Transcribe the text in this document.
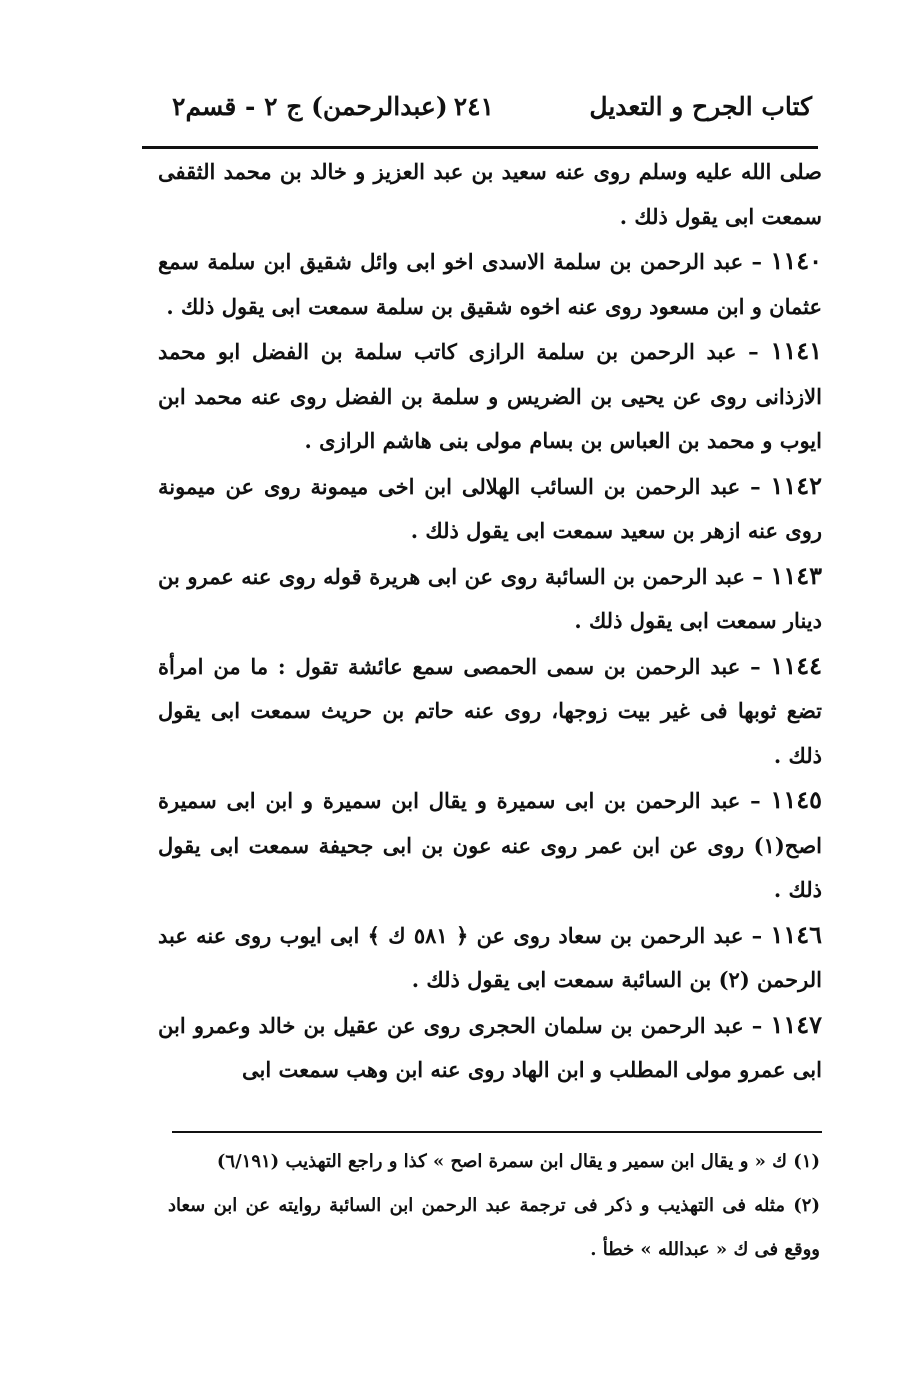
كتاب الجرح و التعديل
٢٤١
(عبدالرحمن) ج ٢ - قسم٢

صلى الله عليه وسلم روى عنه سعيد بن عبد العزيز و خالد بن محمد الثقفى سمعت ابى يقول ذلك .

١١٤٠ – عبد الرحمن بن سلمة الاسدى اخو ابى وائل شقيق ابن سلمة سمع عثمان و ابن مسعود روى عنه اخوه شقيق بن سلمة سمعت ابى يقول ذلك .

١١٤١ – عبد الرحمن بن سلمة الرازى كاتب سلمة بن الفضل ابو محمد الازذانى روى عن يحيى بن الضريس و سلمة بن الفضل روى عنه محمد ابن ايوب و محمد بن العباس بن بسام مولى بنى هاشم الرازى .

١١٤٢ – عبد الرحمن بن السائب الهلالى ابن اخى ميمونة روى عن ميمونة روى عنه ازهر بن سعيد سمعت ابى يقول ذلك .

١١٤٣ – عبد الرحمن بن السائبة روى عن ابى هريرة قوله روى عنه عمرو بن دينار سمعت ابى يقول ذلك .

١١٤٤ – عبد الرحمن بن سمى الحمصى سمع عائشة تقول : ما من امرأة تضع ثوبها فى غير بيت زوجها، روى عنه حاتم بن حريث سمعت ابى يقول ذلك .

١١٤٥ – عبد الرحمن بن ابى سميرة و يقال ابن سميرة و ابن ابى سميرة اصح(١) روى عن ابن عمر روى عنه عون بن ابى جحيفة سمعت ابى يقول ذلك .

١١٤٦ – عبد الرحمن بن سعاد روى عن ﴿ ٥٨١ ك ﴾ ابى ايوب روى عنه عبد الرحمن (٢) بن السائبة سمعت ابى يقول ذلك .

١١٤٧ – عبد الرحمن بن سلمان الحجرى روى عن عقيل بن خالد وعمرو ابن ابى عمرو مولى المطلب و ابن الهاد روى عنه ابن وهب سمعت ابى

(١) ك « و يقال ابن سمير و يقال ابن سمرة اصح » كذا و راجع التهذيب (٦/١٩١)

(٢) مثله فى التهذيب و ذكر فى ترجمة عبد الرحمن ابن السائبة روايته عن ابن سعاد ووقع فى ك « عبدالله » خطأ .
